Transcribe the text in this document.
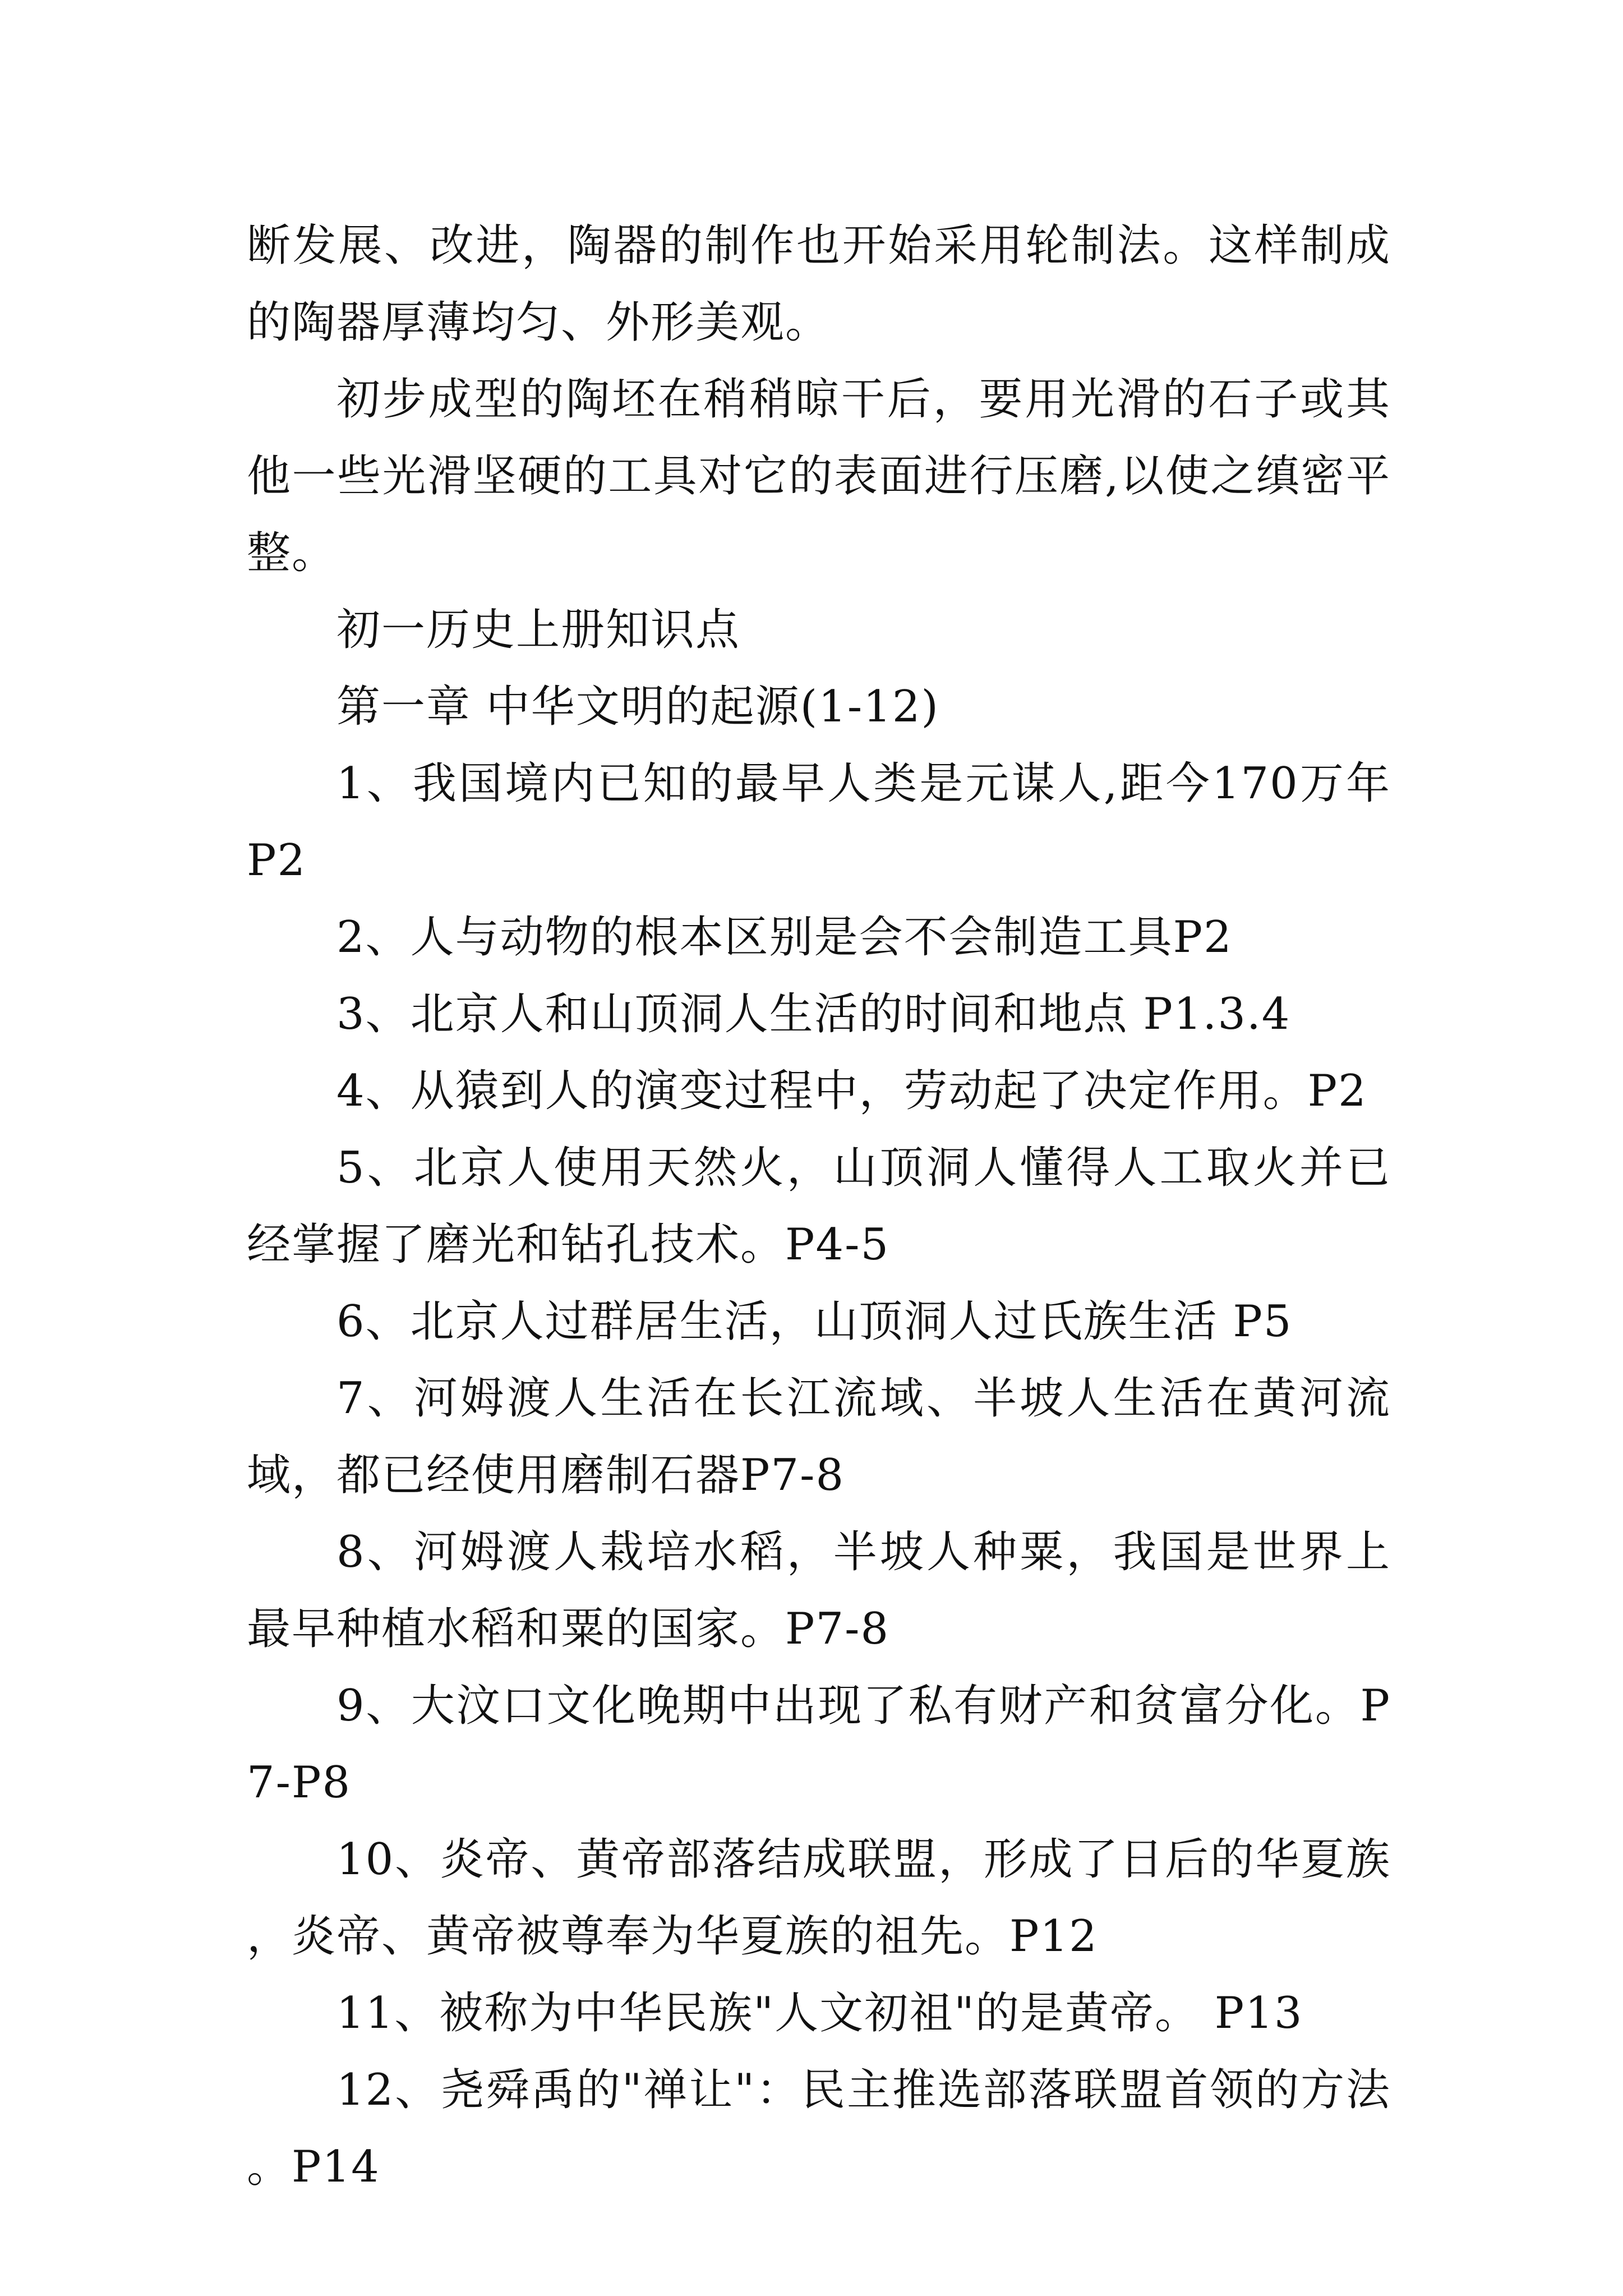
断发展、改进，陶器的制作也开始采用轮制法。这样制成的陶器厚薄均匀、外形美观。

初步成型的陶坯在稍稍晾干后，要用光滑的石子或其他一些光滑坚硬的工具对它的表面进行压磨,以使之缜密平整。

初一历史上册知识点

第一章 中华文明的起源(1-12)

1、我国境内已知的最早人类是元谋人,距今170万年P2

2、人与动物的根本区别是会不会制造工具P2

3、北京人和山顶洞人生活的时间和地点 P1.3.4

4、从猿到人的演变过程中，劳动起了决定作用。P2

5、北京人使用天然火，山顶洞人懂得人工取火并已经掌握了磨光和钻孔技术。P4-5

6、北京人过群居生活，山顶洞人过氏族生活 P5

7、河姆渡人生活在长江流域、半坡人生活在黄河流域，都已经使用磨制石器P7-8

8、河姆渡人栽培水稻，半坡人种粟，我国是世界上最早种植水稻和粟的国家。P7-8

9、大汶口文化晚期中出现了私有财产和贫富分化。P7-P8

10、炎帝、黄帝部落结成联盟，形成了日后的华夏族，炎帝、黄帝被尊奉为华夏族的祖先。P12

11、被称为中华民族"人文初祖"的是黄帝。 P13

12、尧舜禹的"禅让"：民主推选部落联盟首领的方法。P14
